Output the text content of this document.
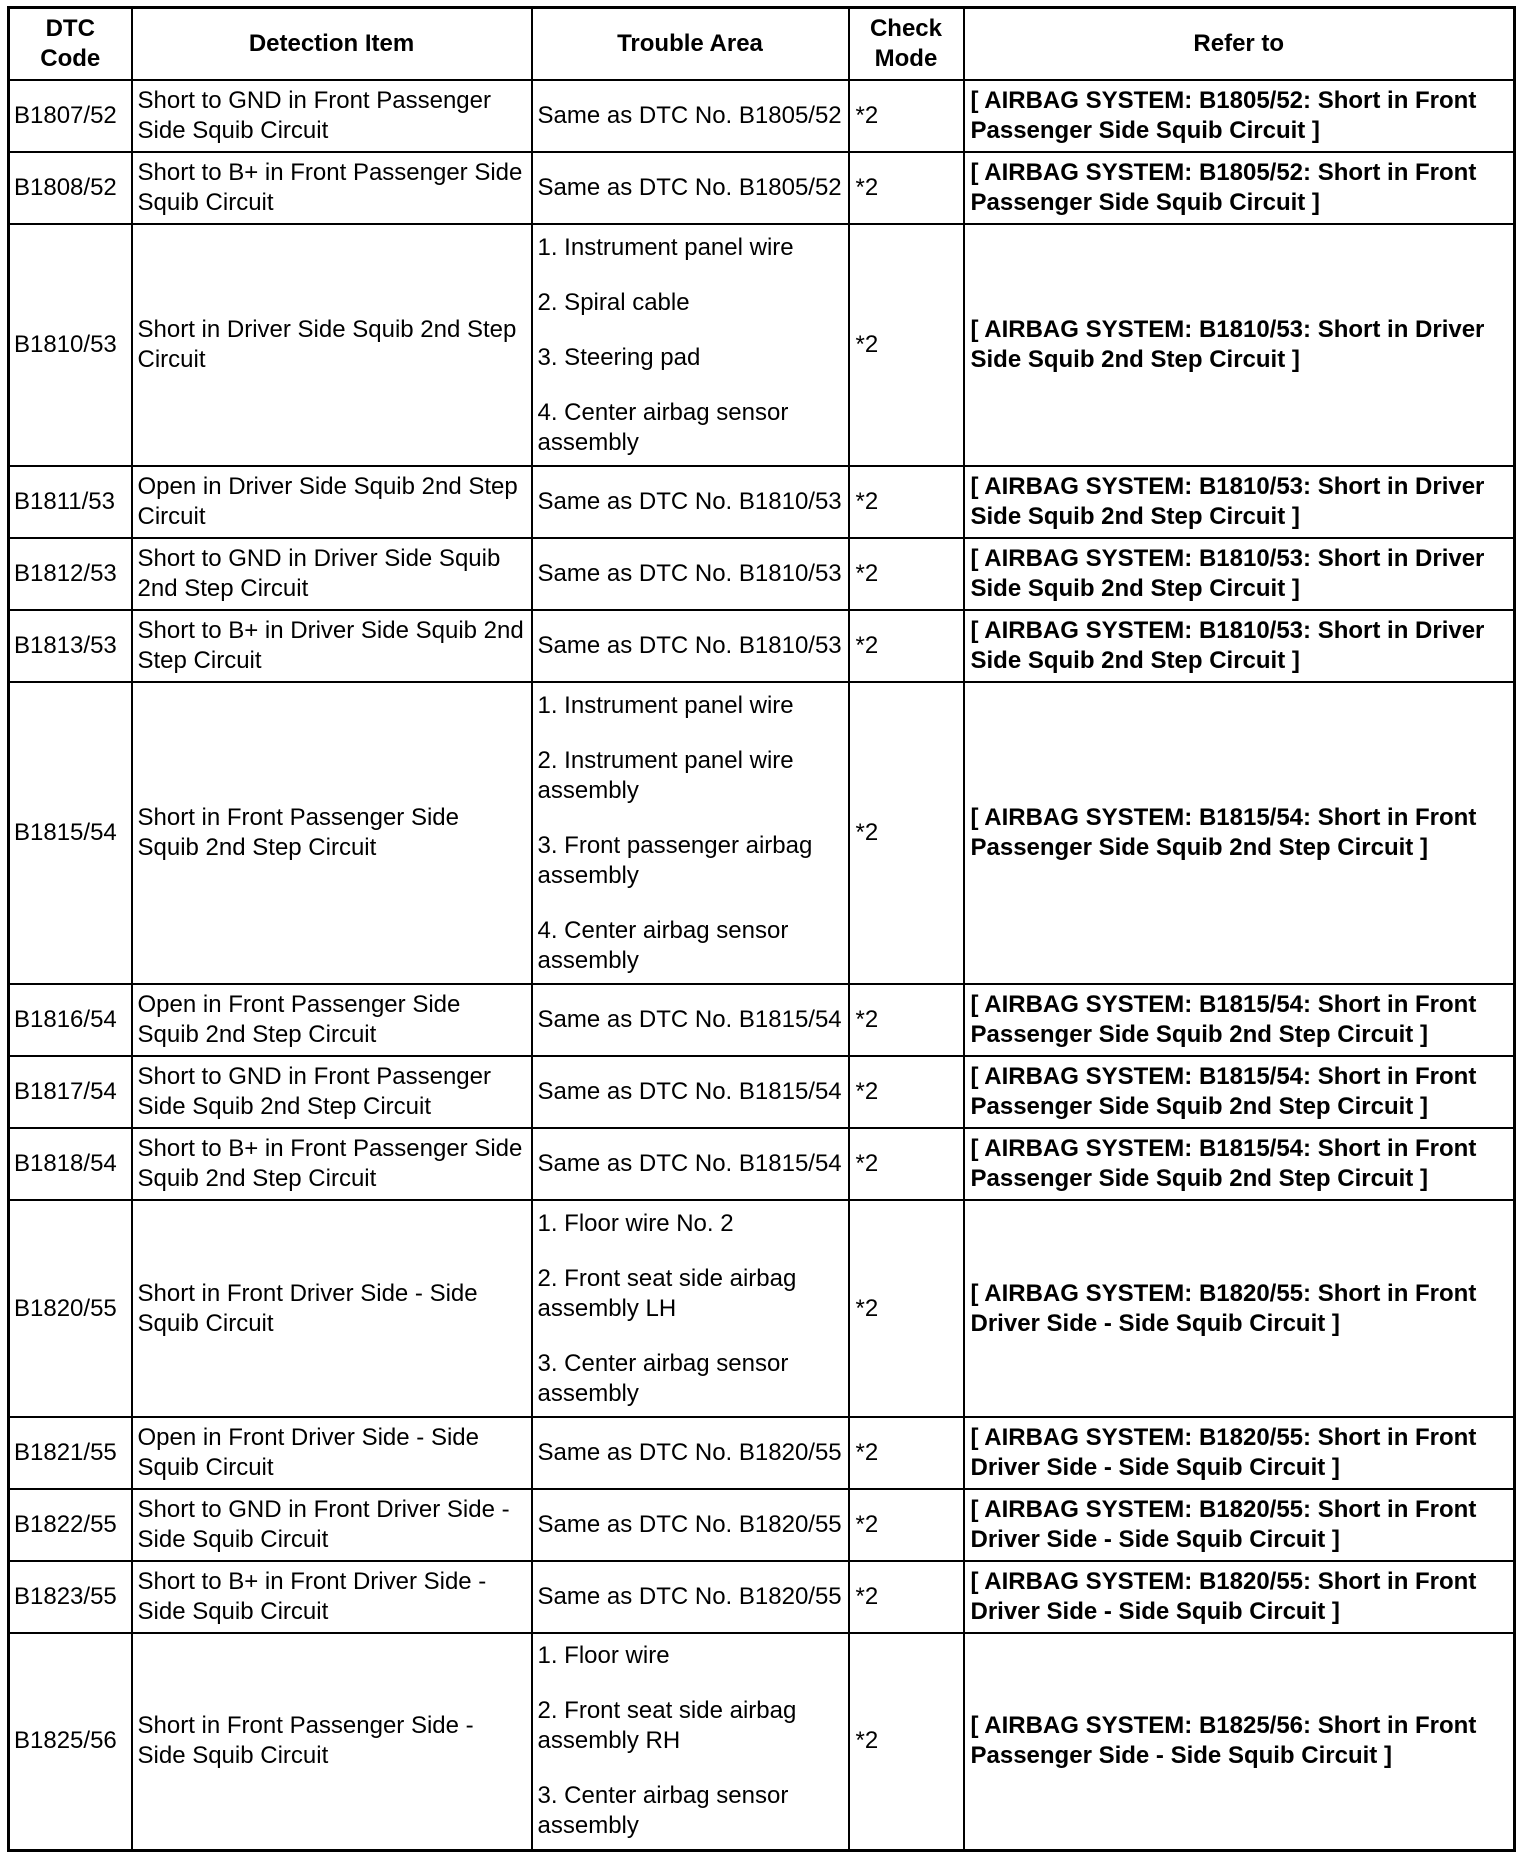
DTC Code	Detection Item	Trouble Area	Check Mode	Refer to
B1807/52	Short to GND in Front Passenger Side Squib Circuit	Same as DTC No. B1805/52	*2	[ AIRBAG SYSTEM: B1805/52: Short in Front Passenger Side Squib Circuit ]
B1808/52	Short to B+ in Front Passenger Side Squib Circuit	Same as DTC No. B1805/52	*2	[ AIRBAG SYSTEM: B1805/52: Short in Front Passenger Side Squib Circuit ]
B1810/53	Short in Driver Side Squib 2nd Step Circuit	1. Instrument panel wire
2. Spiral cable
3. Steering pad
4. Center airbag sensor assembly	*2	[ AIRBAG SYSTEM: B1810/53: Short in Driver Side Squib 2nd Step Circuit ]
B1811/53	Open in Driver Side Squib 2nd Step Circuit	Same as DTC No. B1810/53	*2	[ AIRBAG SYSTEM: B1810/53: Short in Driver Side Squib 2nd Step Circuit ]
B1812/53	Short to GND in Driver Side Squib 2nd Step Circuit	Same as DTC No. B1810/53	*2	[ AIRBAG SYSTEM: B1810/53: Short in Driver Side Squib 2nd Step Circuit ]
B1813/53	Short to B+ in Driver Side Squib 2nd Step Circuit	Same as DTC No. B1810/53	*2	[ AIRBAG SYSTEM: B1810/53: Short in Driver Side Squib 2nd Step Circuit ]
B1815/54	Short in Front Passenger Side Squib 2nd Step Circuit	1. Instrument panel wire
2. Instrument panel wire assembly
3. Front passenger airbag assembly
4. Center airbag sensor assembly	*2	[ AIRBAG SYSTEM: B1815/54: Short in Front Passenger Side Squib 2nd Step Circuit ]
B1816/54	Open in Front Passenger Side Squib 2nd Step Circuit	Same as DTC No. B1815/54	*2	[ AIRBAG SYSTEM: B1815/54: Short in Front Passenger Side Squib 2nd Step Circuit ]
B1817/54	Short to GND in Front Passenger Side Squib 2nd Step Circuit	Same as DTC No. B1815/54	*2	[ AIRBAG SYSTEM: B1815/54: Short in Front Passenger Side Squib 2nd Step Circuit ]
B1818/54	Short to B+ in Front Passenger Side Squib 2nd Step Circuit	Same as DTC No. B1815/54	*2	[ AIRBAG SYSTEM: B1815/54: Short in Front Passenger Side Squib 2nd Step Circuit ]
B1820/55	Short in Front Driver Side - Side Squib Circuit	1. Floor wire No. 2
2. Front seat side airbag assembly LH
3. Center airbag sensor assembly	*2	[ AIRBAG SYSTEM: B1820/55: Short in Front Driver Side - Side Squib Circuit ]
B1821/55	Open in Front Driver Side - Side Squib Circuit	Same as DTC No. B1820/55	*2	[ AIRBAG SYSTEM: B1820/55: Short in Front Driver Side - Side Squib Circuit ]
B1822/55	Short to GND in Front Driver Side - Side Squib Circuit	Same as DTC No. B1820/55	*2	[ AIRBAG SYSTEM: B1820/55: Short in Front Driver Side - Side Squib Circuit ]
B1823/55	Short to B+ in Front Driver Side - Side Squib Circuit	Same as DTC No. B1820/55	*2	[ AIRBAG SYSTEM: B1820/55: Short in Front Driver Side - Side Squib Circuit ]
B1825/56	Short in Front Passenger Side - Side Squib Circuit	1. Floor wire
2. Front seat side airbag assembly RH
3. Center airbag sensor assembly	*2	[ AIRBAG SYSTEM: B1825/56: Short in Front Passenger Side - Side Squib Circuit ]
